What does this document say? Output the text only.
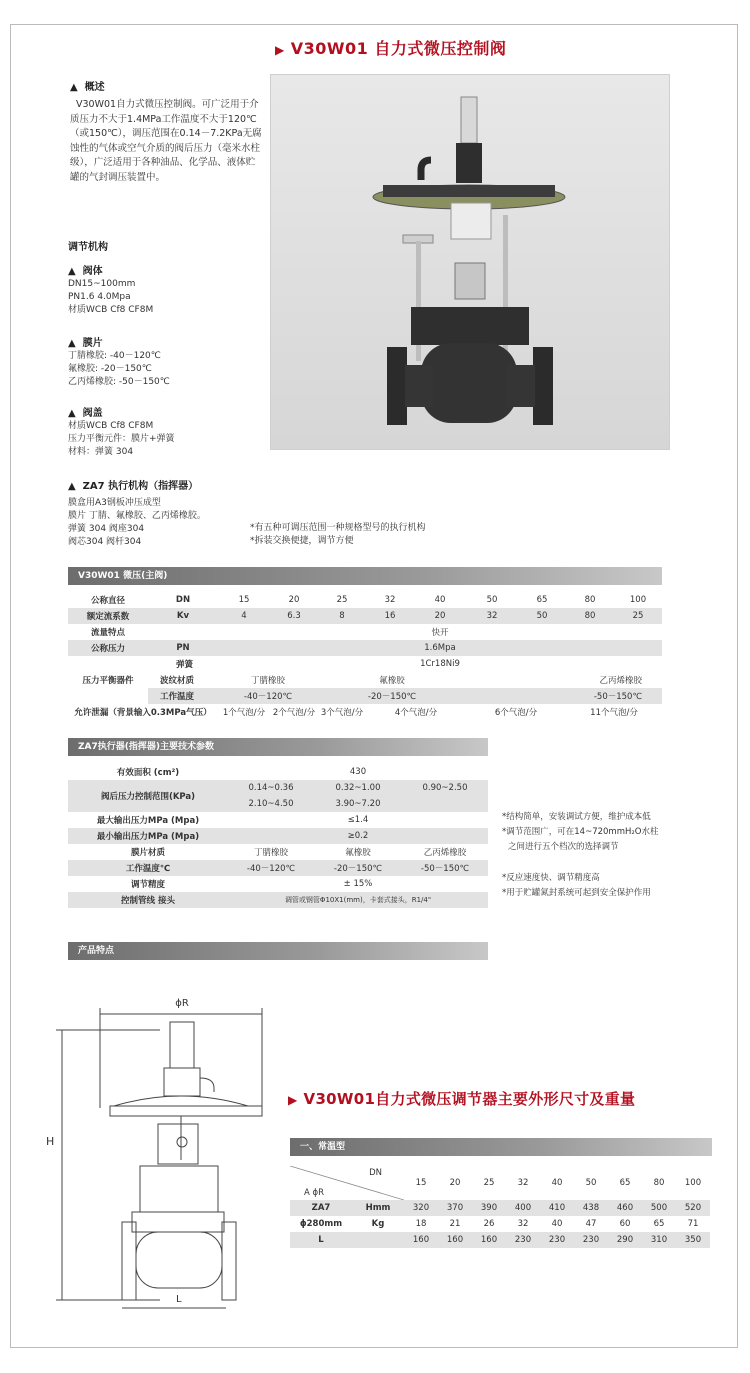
▶ V30W01 自力式微压控制阀
▲  概述
V30W01自力式微压控制阀。可广泛用于介质压力不大于1.4MPa工作温度不大于120℃（或150℃），调压范围在0.14－7.2KPa无腐蚀性的气体或空气介质的阀后压力（毫米水柱级），广泛适用于各种油品、化学品、液体贮罐的气封调压装置中。
调节机构
▲  阀体
DN15~100mm
PN1.6 4.0Mpa
材质WCB Cf8 CF8M
▲  膜片
丁腈橡胶: -40－120℃
氟橡胶: -20－150℃
乙丙烯橡胶: -50－150℃
▲  阀盖
材质WCB Cf8 CF8M
压力平衡元件：膜片+弹簧
材料：弹簧 304
▲  ZA7 执行机构（指挥器）
膜盒用A3钢板冲压成型
膜片 丁腈、氟橡胶、乙丙烯橡胶。
弹簧 304 阀座304
阀芯304 阀杆304
*有五种可调压范围一种规格型号的执行机构
*拆装交换便捷，调节方便
V30W01 微压(主阀)
公称直径	DN	15	20	25	32	40	50	65	80	100
额定流系数	Kv	4	6.3	8	16	20	32	50	80	25
流量特点		快开								
公称压力	PN	1.6Mpa								
压力平衡器件	弹簧	1Cr18Ni9								
	波纹材质	丁腈橡胶		氟橡胶			乙丙烯橡胶			
	工作温度	-40－120℃		-20－150℃			-50－150℃			
允许泄漏（背景输入0.3MPa气压）		1个气泡/分	2个气泡/分	3个气泡/分	4个气泡/分		6个气泡/分		11个气泡/分	
ZA7执行器(指挥器)主要技术参数
有效面积 (cm²)		430	
阀后压力控制范围(KPa)	0.14~0.36	0.32~1.00	0.90~2.50
	2.10~4.50	3.90~7.20	
最大输出压力MPa (Mpa)		≤1.4	
最小输出压力MPa (Mpa)		≥0.2	
膜片材质	丁腈橡胶	氟橡胶	乙丙烯橡胶
工作温度℃	-40－120℃	-20－150℃	-50－150℃
调节精度		± 15%	
控制管线 接头	调管或钢管Φ10X1(mm)，卡套式接头，R1/4"		
*结构简单，安装调试方便，维护成本低
*调节范围广，可在14~720mmH₂O水柱
之间进行五个档次的选择调节
*反应速度快、调节精度高
*用于贮罐氮封系统可起到安全保护作用
产品特点
ϕR
H
L
▶ V30W01自力式微压调节器主要外形尺寸及重量
一、常温型
DN
A ϕR		15	20	25	32	40	50	65	80	100
ZA7	Hmm	320	370	390	400	410	438	460	500	520
ϕ280mm	Kg	18	21	26	32	40	47	60	65	71
L		160	160	160	230	230	230	290	310	350
